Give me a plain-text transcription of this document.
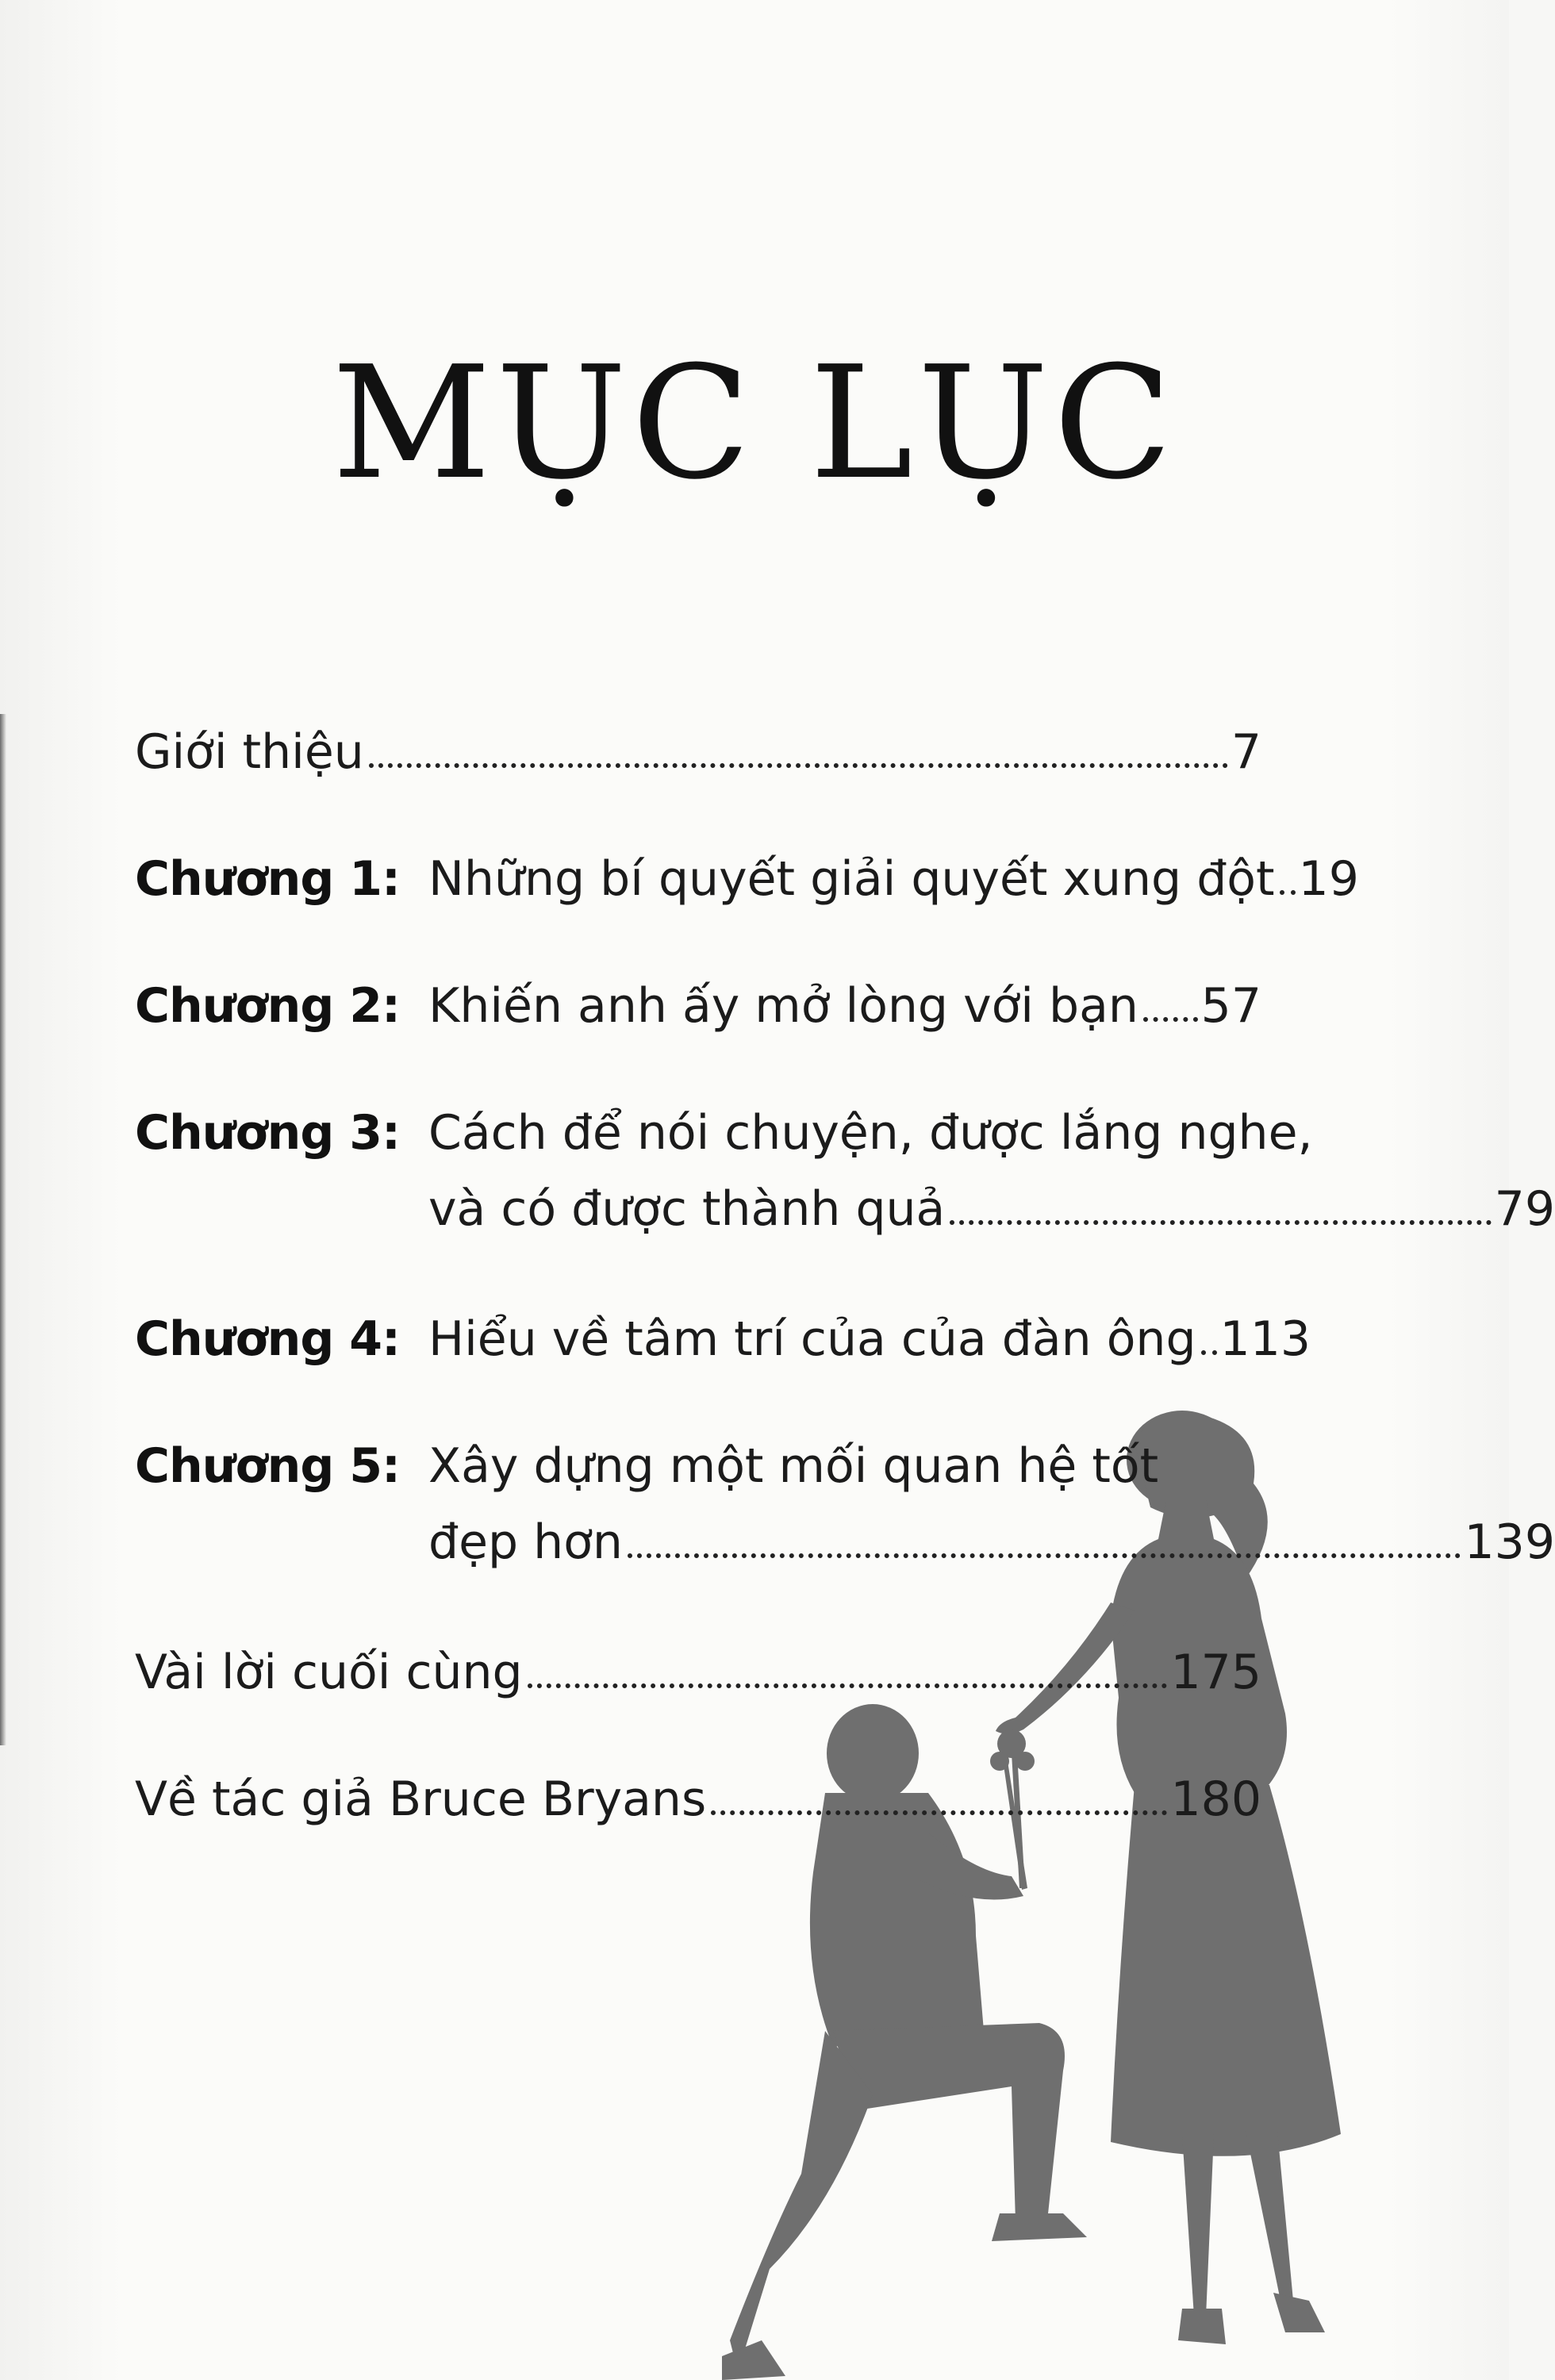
MỤC LỤC
Giới thiệu	7
Chương 1: Những bí quyết giải quyết xung đột 19
Chương 2: Khiến anh ấy mở lòng với bạn 57
Chương 3: Cách để nói chuyện, được lắng nghe,
và có được thành quả	79
Chương 4: Hiểu về tâm trí của của đàn ông 113
Chương 5: Xây dựng một mối quan hệ tốt
đẹp hơn	139
Vài lời cuối cùng	175
Về tác giả Bruce Bryans	180
